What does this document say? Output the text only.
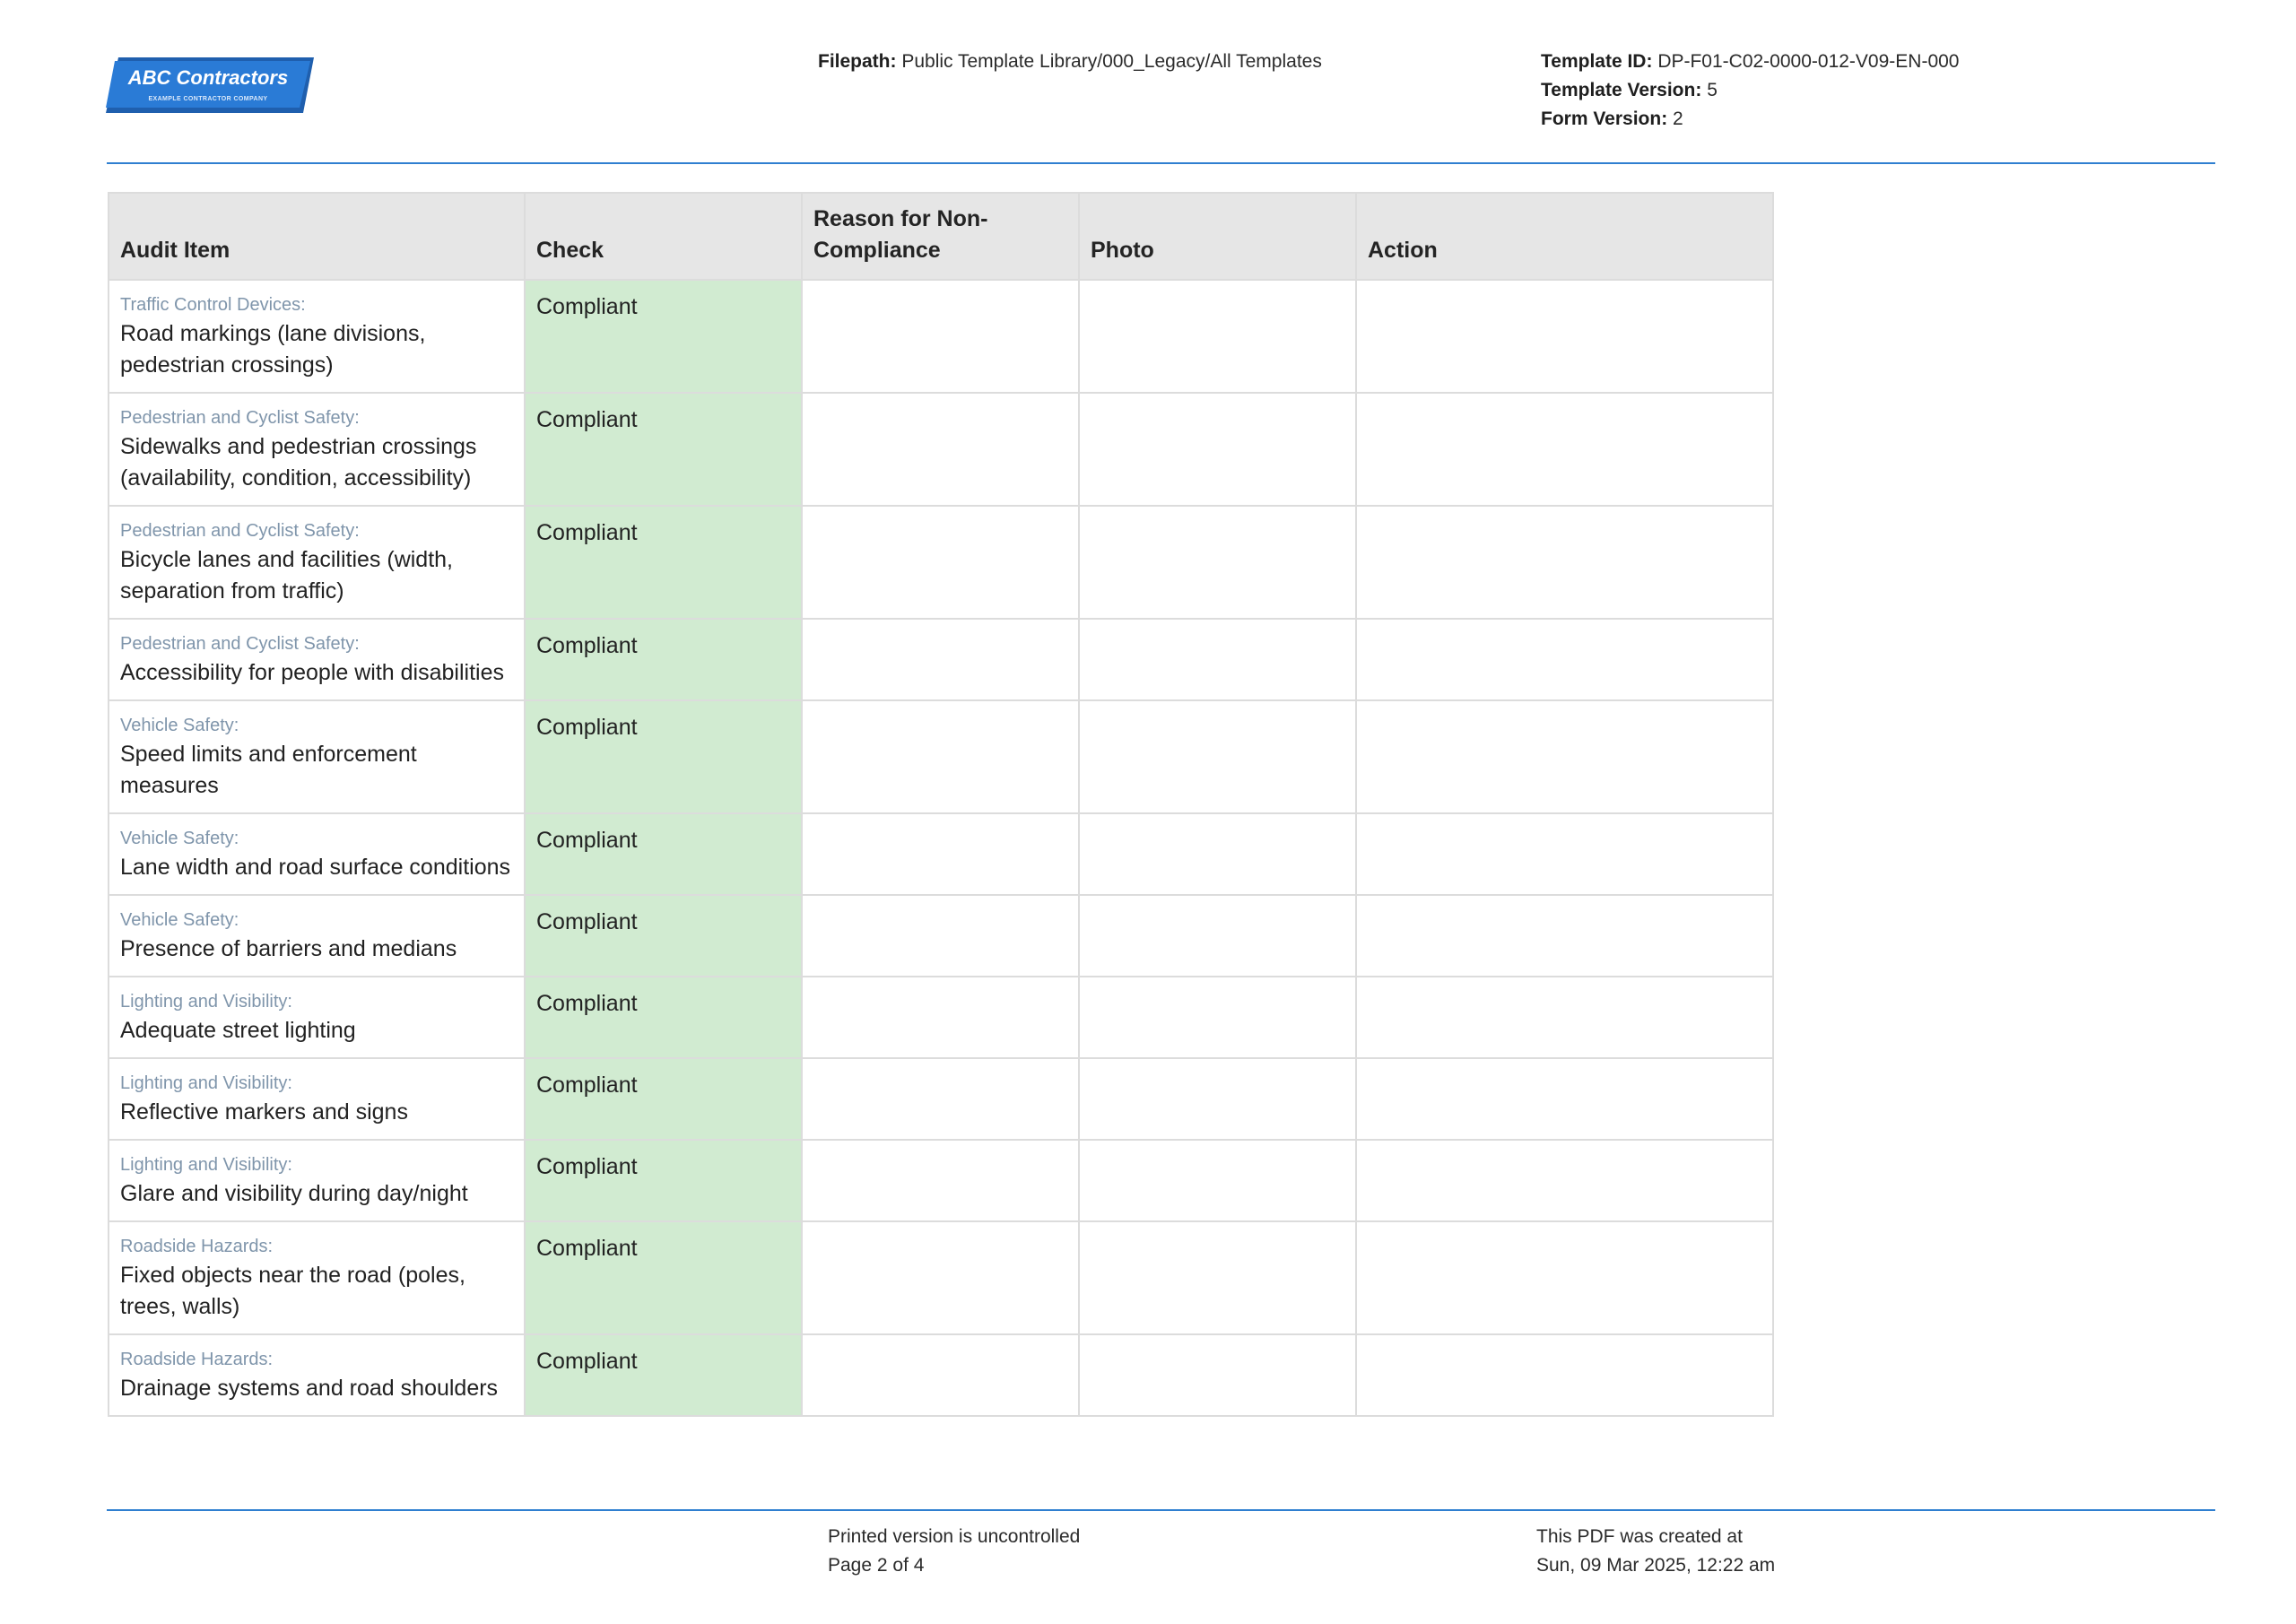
ABC Contractors
EXAMPLE CONTRACTOR COMPANY
Filepath: Public Template Library/000_Legacy/All Templates	Template ID: DP-F01-C02-0000-012-V09-EN-000
Template Version: 5
Form Version: 2
Audit Item	Check	Reason for Non-Compliance	Photo	Action

Traffic Control Devices:
Road markings (lane divisions, pedestrian crossings)	Compliant			

Pedestrian and Cyclist Safety:
Sidewalks and pedestrian crossings (availability, condition, accessibility)	Compliant			

Pedestrian and Cyclist Safety:
Bicycle lanes and facilities (width, separation from traffic)	Compliant			

Pedestrian and Cyclist Safety:
Accessibility for people with disabilities	Compliant			

Vehicle Safety:
Speed limits and enforcement measures	Compliant			

Vehicle Safety:
Lane width and road surface conditions	Compliant			

Vehicle Safety:
Presence of barriers and medians	Compliant			

Lighting and Visibility:
Adequate street lighting	Compliant			

Lighting and Visibility:
Reflective markers and signs	Compliant			

Lighting and Visibility:
Glare and visibility during day/night	Compliant			

Roadside Hazards:
Fixed objects near the road (poles, trees, walls)	Compliant			

Roadside Hazards:
Drainage systems and road shoulders	Compliant			
Printed version is uncontrolled
Page 2 of 4
This PDF was created at
Sun, 09 Mar 2025, 12:22 am
